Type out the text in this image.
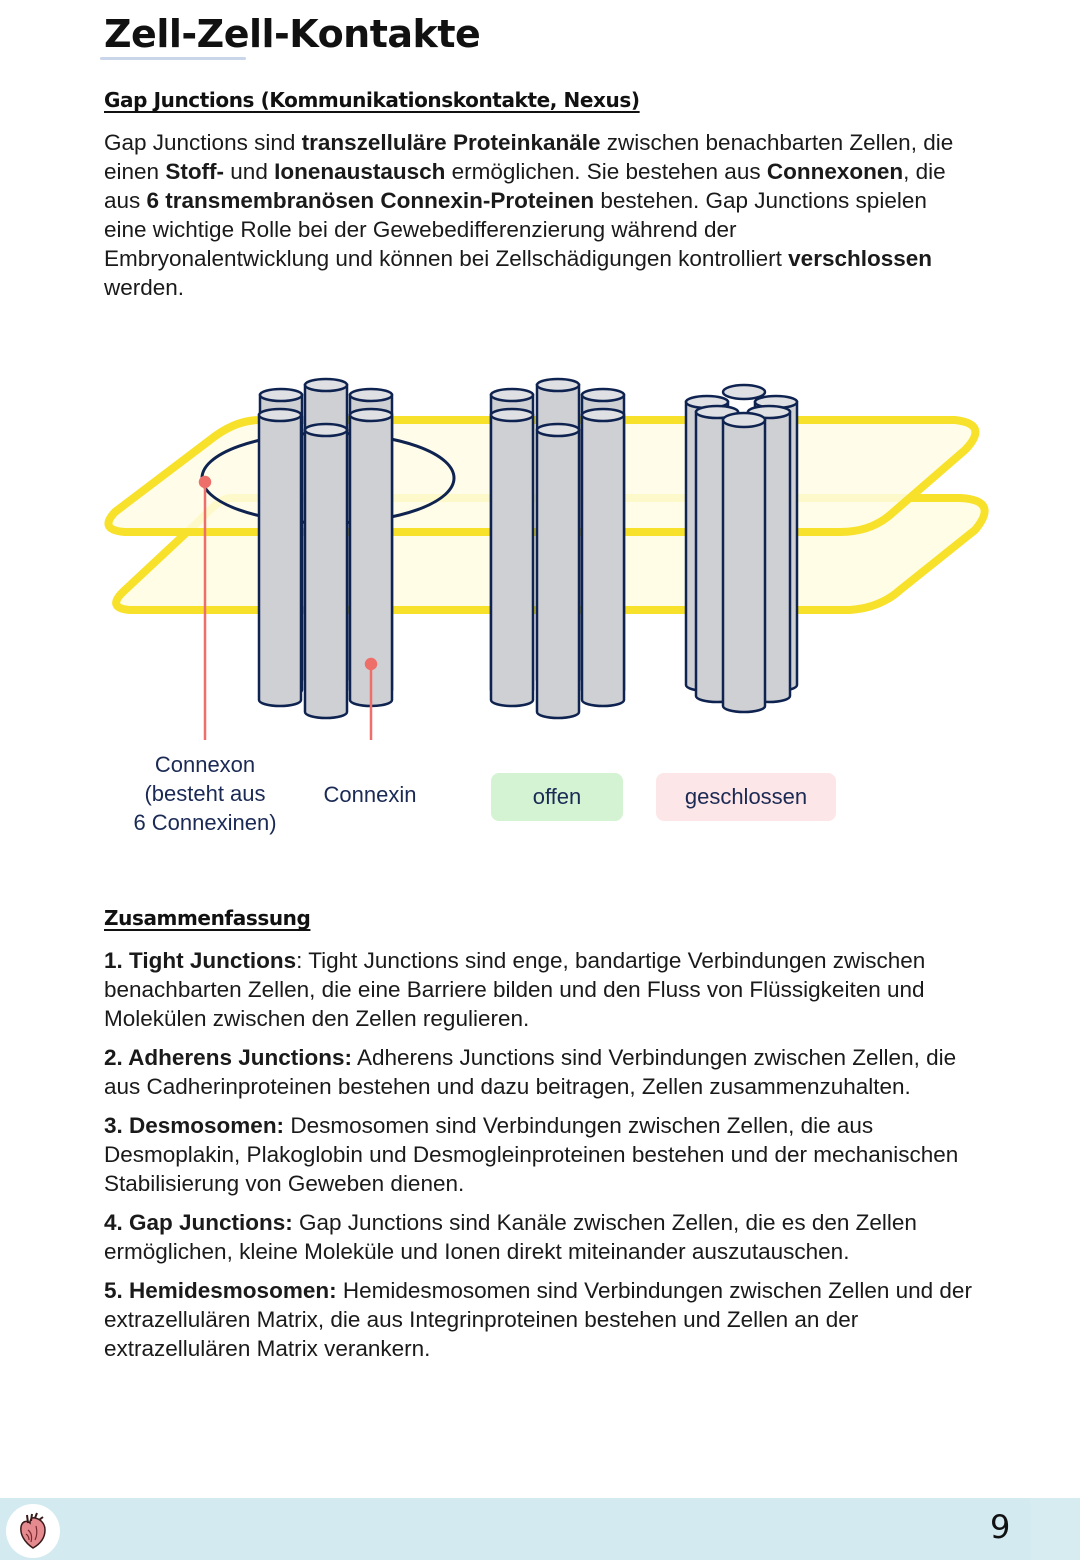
Zell-Zell-Kontakte
Gap Junctions (Kommunikationskontakte, Nexus)
Gap Junctions sind transzelluläre Proteinkanäle zwischen benachbarten Zellen, die einen Stoff- und Ionenaustausch ermöglichen. Sie bestehen aus Connexonen, die aus 6 transmembranösen Connexin-Proteinen bestehen. Gap Junctions spielen eine wichtige Rolle bei der Gewebedifferenzierung während der Embryonalentwicklung und können bei Zellschädigungen kontrolliert verschlossen werden.
Connexon
(besteht aus
6 Connexinen)
Connexin	offen	geschlossen
Zusammenfassung
1. Tight Junctions: Tight Junctions sind enge, bandartige Verbindungen zwischen benachbarten Zellen, die eine Barriere bilden und den Fluss von Flüssigkeiten und Molekülen zwischen den Zellen regulieren.
2. Adherens Junctions: Adherens Junctions sind Verbindungen zwischen Zellen, die aus Cadherinproteinen bestehen und dazu beitragen, Zellen zusammenzuhalten.
3. Desmosomen: Desmosomen sind Verbindungen zwischen Zellen, die aus Desmoplakin, Plakoglobin und Desmogleinproteinen bestehen und der mechanischen Stabilisierung von Geweben dienen.
4. Gap Junctions: Gap Junctions sind Kanäle zwischen Zellen, die es den Zellen ermöglichen, kleine Moleküle und Ionen direkt miteinander auszutauschen.
5. Hemidesmosomen: Hemidesmosomen sind Verbindungen zwischen Zellen und der extrazellulären Matrix, die aus Integrinproteinen bestehen und Zellen an der extrazellulären Matrix verankern.
9
